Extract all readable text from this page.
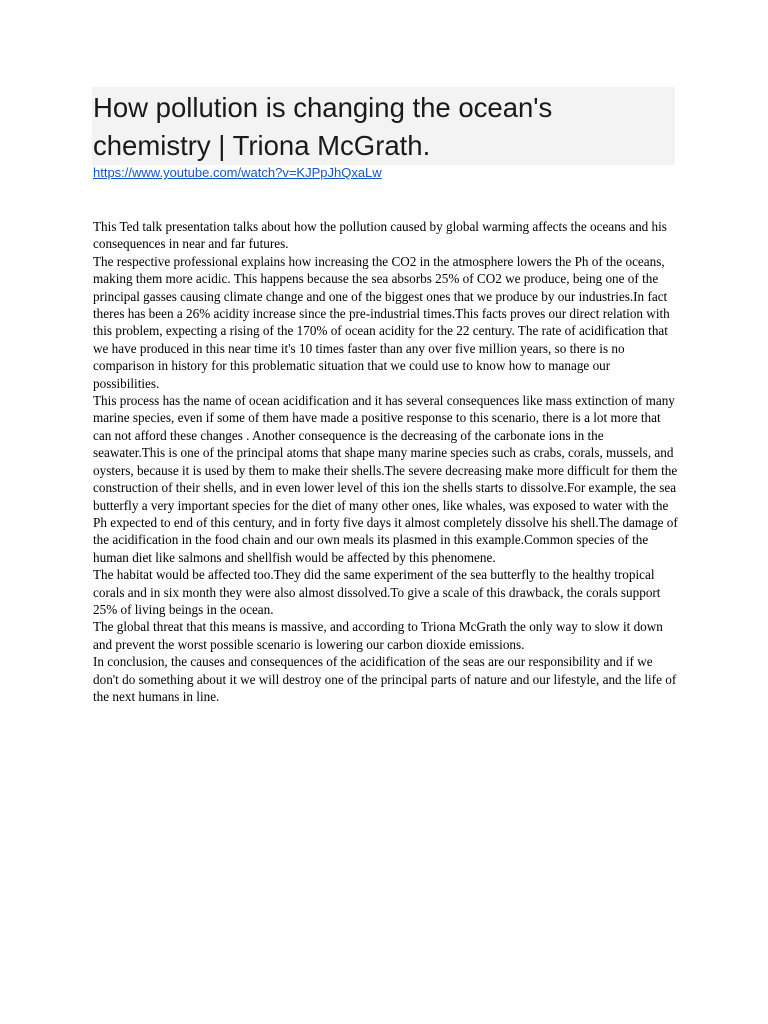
How pollution is changing the ocean's
chemistry | Triona McGrath.
https://www.youtube.com/watch?v=KJPpJhQxaLw

This Ted talk presentation talks about how the pollution caused by global warming affects the oceans and his consequences in near and far futures.

The respective professional explains how increasing the CO2 in the atmosphere lowers the Ph of the oceans, making them more acidic. This happens because the sea absorbs 25% of CO2 we produce, being one of the principal gasses causing climate change and one of the biggest ones that we produce by our industries.In fact theres has been a 26% acidity increase since the pre-industrial times.This facts proves our direct relation with this problem, expecting a rising of the 170% of ocean acidity for the 22 century. The rate of acidification that we have produced in this near time it's 10 times faster than any over five million years, so there is no comparison in history for this problematic situation that we could use to know how to manage our possibilities.

This process has the name of ocean acidification and it has several consequences like mass extinction of many marine species, even if some of them have made a positive response to this scenario, there is a lot more that can not afford these changes . Another consequence is the decreasing of the carbonate ions in the seawater.This is one of the principal atoms that shape many marine species such as crabs, corals, mussels, and oysters, because it is used by them to make their shells.The severe decreasing make more difficult for them the construction of their shells, and in even lower level of this ion the shells starts to dissolve.For example, the sea butterfly a very important species for the diet of many other ones, like whales, was exposed to water with the Ph expected to end of this century, and in forty five days it almost completely dissolve his shell.The damage of the acidification in the food chain and our own meals its plasmed in this example.Common species of the human diet like salmons and shellfish would be affected by this phenomene.

The habitat would be affected too.They did the same experiment of the sea butterfly to the healthy tropical corals and in six month they were also almost dissolved.To give a scale of this drawback, the corals support 25% of living beings in the ocean.

The global threat that this means is massive, and according to Triona McGrath the only way to slow it down and prevent the worst possible scenario is lowering our carbon dioxide emissions.

In conclusion, the causes and consequences of the acidification of the seas are our responsibility and if we don't do something about it we will destroy one of the principal parts of nature and our lifestyle, and the life of the next humans in line.
